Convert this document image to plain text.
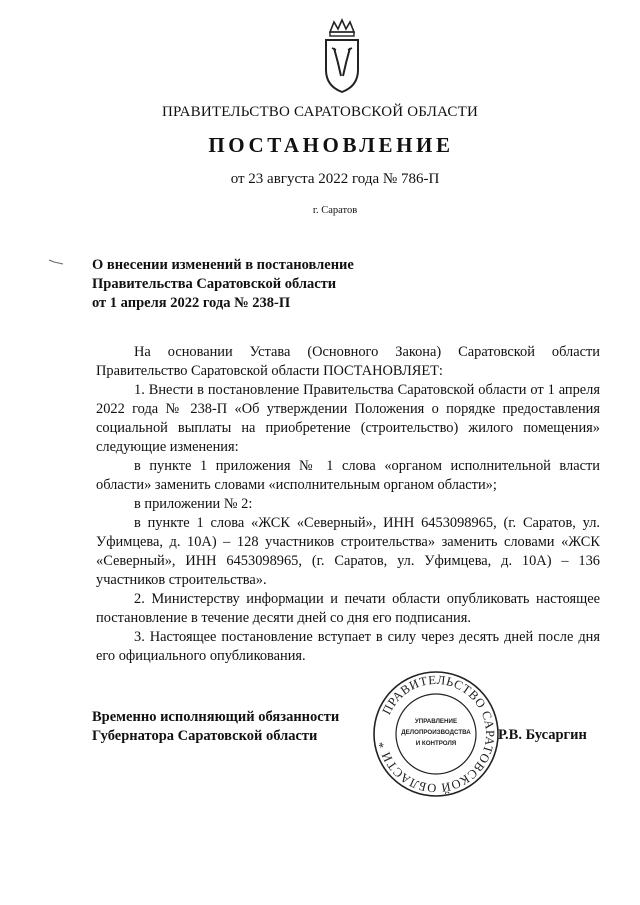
ПРАВИТЕЛЬСТВО САРАТОВСКОЙ ОБЛАСТИ
ПОСТАНОВЛЕНИЕ
от 23 августа 2022 года № 786-П
г. Саратов
О внесении изменений в постановление
Правительства Саратовской области
от 1 апреля 2022 года № 238-П

На основании Устава (Основного Закона) Саратовской области Правительство Саратовской области ПОСТАНОВЛЯЕТ:

1. Внести в постановление Правительства Саратовской области от 1 апреля 2022 года № 238-П «Об утверждении Положения о порядке предоставления социальной выплаты на приобретение (строительство) жилого помещения» следующие изменения:

в пункте 1 приложения № 1 слова «органом исполнительной власти области» заменить словами «исполнительным органом области»;

в приложении № 2:

в пункте 1 слова «ЖСК «Северный», ИНН 6453098965, (г. Саратов, ул. Уфимцева, д. 10А) – 128 участников строительства» заменить словами «ЖСК «Северный», ИНН 6453098965, (г. Саратов, ул. Уфимцева, д. 10А) – 136 участников строительства».

2. Министерству информации и печати области опубликовать настоящее постановление в течение десяти дней со дня его подписания.

3. Настоящее постановление вступает в силу через десять дней после дня его официального опубликования.

Временно исполняющий обязанности
Губернатора Саратовской области
ПРАВИТЕЛЬСТВО САРАТОВСКОЙ ОБЛАСТИ *
УПРАВЛЕНИЕ
ДЕЛОПРОИЗВОДСТВА
И КОНТРОЛЯ
Р.В. Бусаргин
